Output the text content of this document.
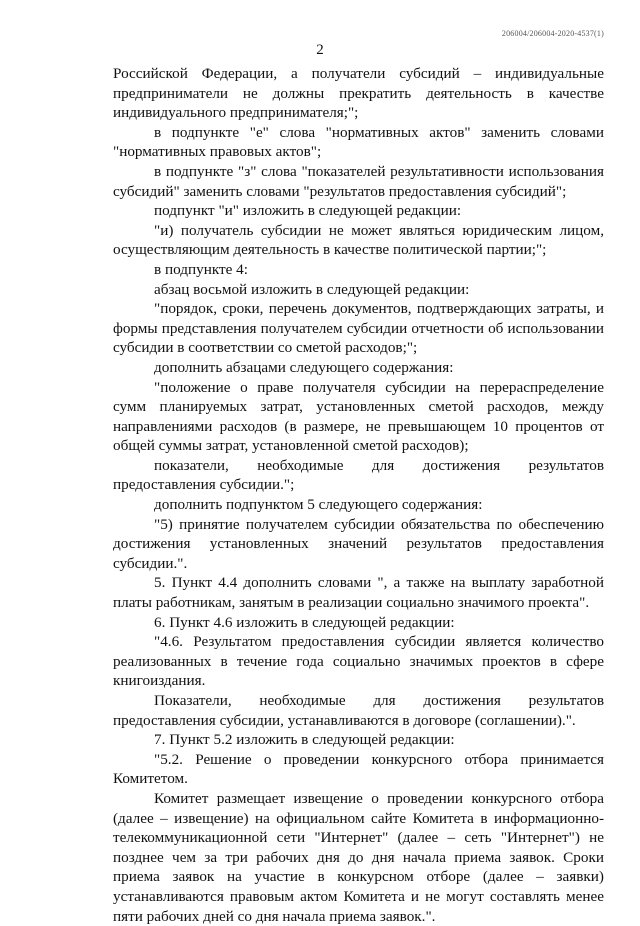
206004/206004-2020-4537(1)
2

Российской Федерации, а получатели субсидий – индивидуальные предприниматели не должны прекратить деятельность в качестве индивидуального предпринимателя;";

в подпункте "е" слова "нормативных актов" заменить словами "нормативных правовых актов";

в подпункте "з" слова "показателей результативности использования субсидий" заменить словами "результатов предоставления субсидий";

подпункт "и" изложить в следующей редакции:

"и) получатель субсидии не может являться юридическим лицом, осуществляющим деятельность в качестве политической партии;";

в подпункте 4:

абзац восьмой изложить в следующей редакции:

"порядок, сроки, перечень документов, подтверждающих затраты, и формы представления получателем субсидии отчетности об использовании субсидии в соответствии со сметой расходов;";

дополнить абзацами следующего содержания:

"положение о праве получателя субсидии на перераспределение сумм планируемых затрат, установленных сметой расходов, между направлениями расходов (в размере, не превышающем 10 процентов от общей суммы затрат, установленной сметой расходов);

показатели, необходимые для достижения результатов предоставления субсидии.";

дополнить подпунктом 5 следующего содержания:

"5) принятие получателем субсидии обязательства по обеспечению достижения установленных значений результатов предоставления субсидии.".

5. Пункт 4.4 дополнить словами ", а также на выплату заработной платы работникам, занятым в реализации социально значимого проекта".

6. Пункт 4.6 изложить в следующей редакции:

"4.6. Результатом предоставления субсидии является количество реализованных в течение года социально значимых проектов в сфере книгоиздания.

Показатели, необходимые для достижения результатов предоставления субсидии, устанавливаются в договоре (соглашении).".

7. Пункт 5.2 изложить в следующей редакции:

"5.2. Решение о проведении конкурсного отбора принимается Комитетом.

Комитет размещает извещение о проведении конкурсного отбора (далее – извещение) на официальном сайте Комитета в информационно-телекоммуникационной сети "Интернет" (далее – сеть "Интернет") не позднее чем за три рабочих дня до дня начала приема заявок. Сроки приема заявок на участие в конкурсном отборе (далее – заявки) устанавливаются правовым актом Комитета и не могут составлять менее пяти рабочих дней со дня начала приема заявок.".
